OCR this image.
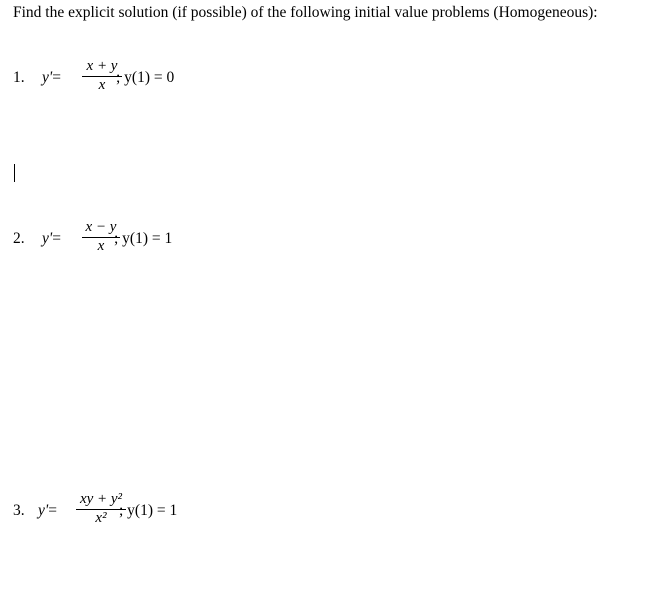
Find the explicit solution (if possible) of the following initial value problems (Homogeneous):
1. y'=
x + y
x ; y(1) = 0
2. y'=
x − y
x ; y(1) = 1
3. y'=
xy + y²
x² ; y(1) = 1
